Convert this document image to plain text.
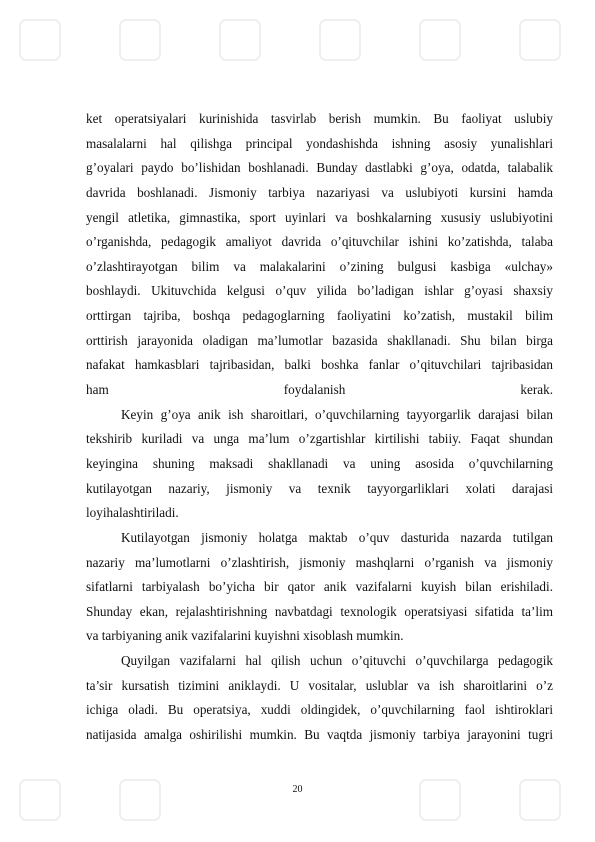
ket operatsiyalari kurinishida tasvirlab berish mumkin. Bu faoliyat uslubiy
masalalarni hal qilishga principal yondashishda ishning asosiy yunalishlari
g’oyalari paydo bo’lishidan boshlanadi. Bunday dastlabki g’oya, odatda, talabalik
davrida boshlanadi. Jismoniy tarbiya nazariyasi va uslubiyoti kursini hamda
yengil atletika, gimnastika, sport uyinlari va boshkalarning xususiy uslubiyotini
o’rganishda, pedagogik amaliyot davrida o’qituvchilar ishini ko’zatishda, talaba
o’zlashtirayotgan bilim va malakalarini o’zining bulgusi kasbiga «ulchay»
boshlaydi. Ukituvchida kelgusi o’quv yilida bo’ladigan ishlar g’oyasi shaxsiy
orttirgan tajriba, boshqa pedagoglarning faoliyatini ko’zatish, mustakil bilim
orttirish jarayonida oladigan ma’lumotlar bazasida shakllanadi. Shu bilan birga
nafakat hamkasblari tajribasidan, balki boshka fanlar o’qituvchilari tajribasidan
ham foydalanish kerak.
Keyin g’oya anik ish sharoitlari, o’quvchilarning tayyorgarlik darajasi bilan
tekshirib kuriladi va unga ma’lum o’zgartishlar kirtilishi tabiiy. Faqat shundan
keyingina shuning maksadi shakllanadi va uning asosida o’quvchilarning
kutilayotgan nazariy, jismoniy va texnik tayyorgarliklari xolati darajasi
loyihalashtiriladi.
Kutilayotgan jismoniy holatga maktab o’quv dasturida nazarda tutilgan
nazariy ma’lumotlarni o’zlashtirish, jismoniy mashqlarni o’rganish va jismoniy
sifatlarni tarbiyalash bo’yicha bir qator anik vazifalarni kuyish bilan erishiladi.
Shunday ekan, rejalashtirishning navbatdagi texnologik operatsiyasi sifatida ta’lim
va tarbiyaning anik vazifalarini kuyishni xisoblash mumkin.
Quyilgan vazifalarni hal qilish uchun o’qituvchi o’quvchilarga pedagogik
ta’sir kursatish tizimini aniklaydi. U vositalar, uslublar va ish sharoitlarini o’z
ichiga oladi. Bu operatsiya, xuddi oldingidek, o’quvchilarning faol ishtiroklari
natijasida amalga oshirilishi mumkin. Bu vaqtda jismoniy tarbiya jarayonini tugri
20
